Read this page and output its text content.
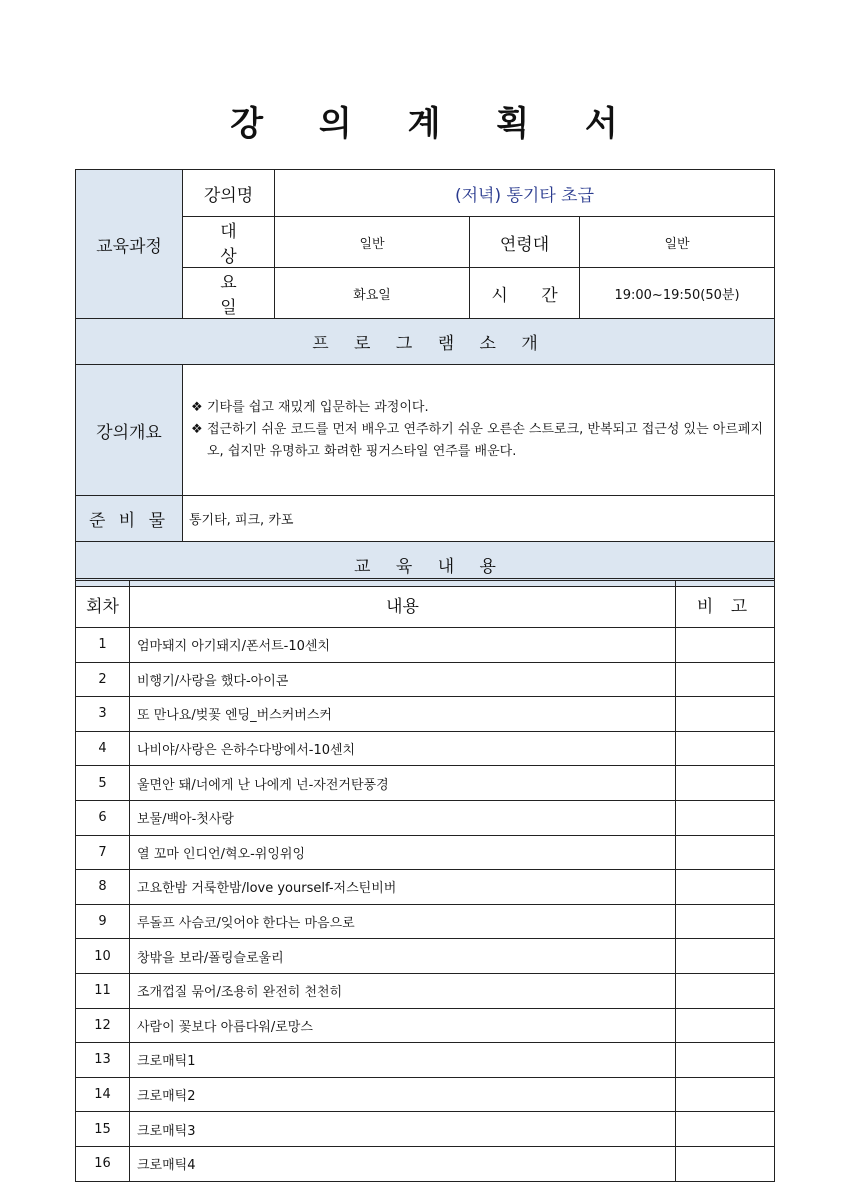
강 의 계 획 서
교육과정	강의명	(저녁) 통기타 초급		
	대 상	일반	연령대	일반
	요 일	화요일	시 간	19:00~19:50(50분)
프 로 그 램 소 개				
강의개요	❖ 기타를 쉽고 재밌게 입문하는 과정이다.
❖ 접근하기 쉬운 코드를 먼저 배우고 연주하기 쉬운 오른손 스트로크, 반복되고 접근성 있는 아르페지오, 쉽지만 유명하고 화려한 핑거스타일 연주를 배운다.			

준 비 물	통기타, 피크, 카포			
교 육 내 용				
회차	내용	비 고
1	엄마돼지 아기돼지/폰서트-10센치	
2	비행기/사랑을 했다-아이콘	
3	또 만나요/벚꽃 엔딩_버스커버스커	
4	나비야/사랑은 은하수다방에서-10센치	
5	울면안 돼/너에게 난 나에게 넌-자전거탄풍경	
6	보물/백아-첫사랑	
7	열 꼬마 인디언/혁오-위잉위잉	
8	고요한밤 거룩한밤/love yourself-저스틴비버	
9	루돌프 사슴코/잊어야 한다는 마음으로	
10	창밖을 보라/폴링슬로울리	
11	조개껍질 묶어/조용히 완전히 천천히	
12	사람이 꽃보다 아름다워/로망스	
13	크로매틱1	
14	크로매틱2	
15	크로매틱3	
16	크로매틱4	
